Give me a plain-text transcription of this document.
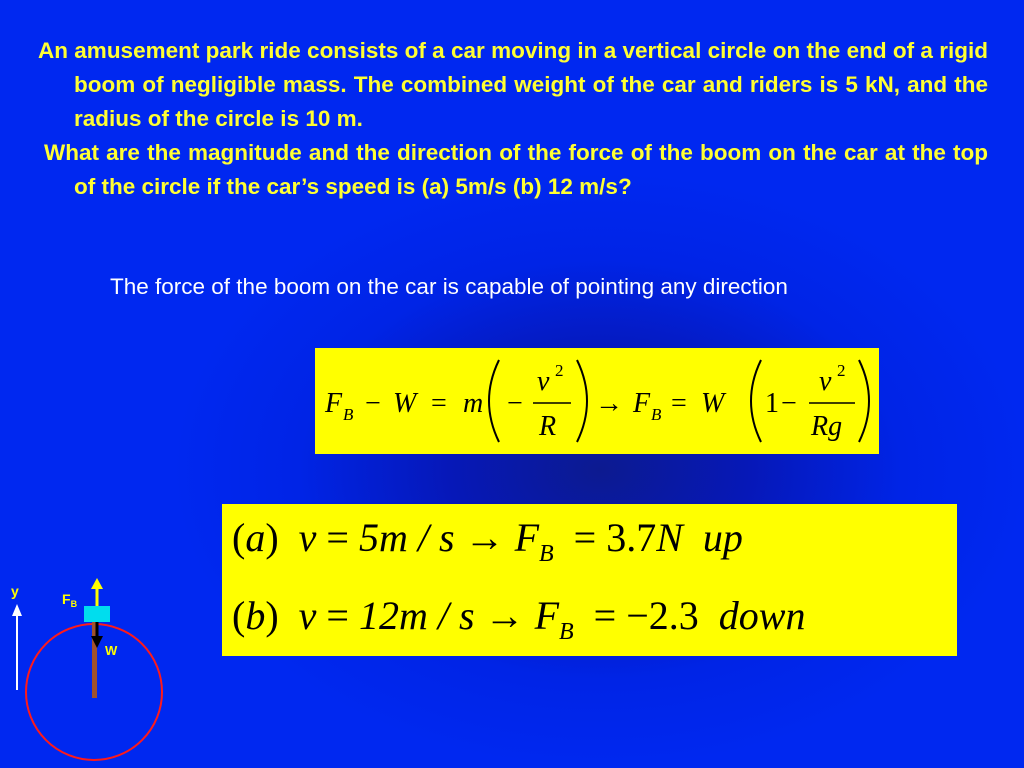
An amusement park ride consists of a car moving in a vertical circle on the end of a rigid boom of negligible mass. The combined weight of the car and riders is 5 kN, and the radius of the circle is 10 m.

What are the magnitude and the direction of the force of the boom on the car at the top of the circle if the car’s speed is (a) 5m/s (b) 12 m/s?

The force of the boom on the car is capable of pointing any direction
F B − W = m −
v 2
R
→ F B = W 1 −
v 2
Rg
(a) $v = 5m / s \to F_B = 3.7N$ up
(b) $v = 12m / s \to F_B = -2.3$ down
y	$F_B$
W
